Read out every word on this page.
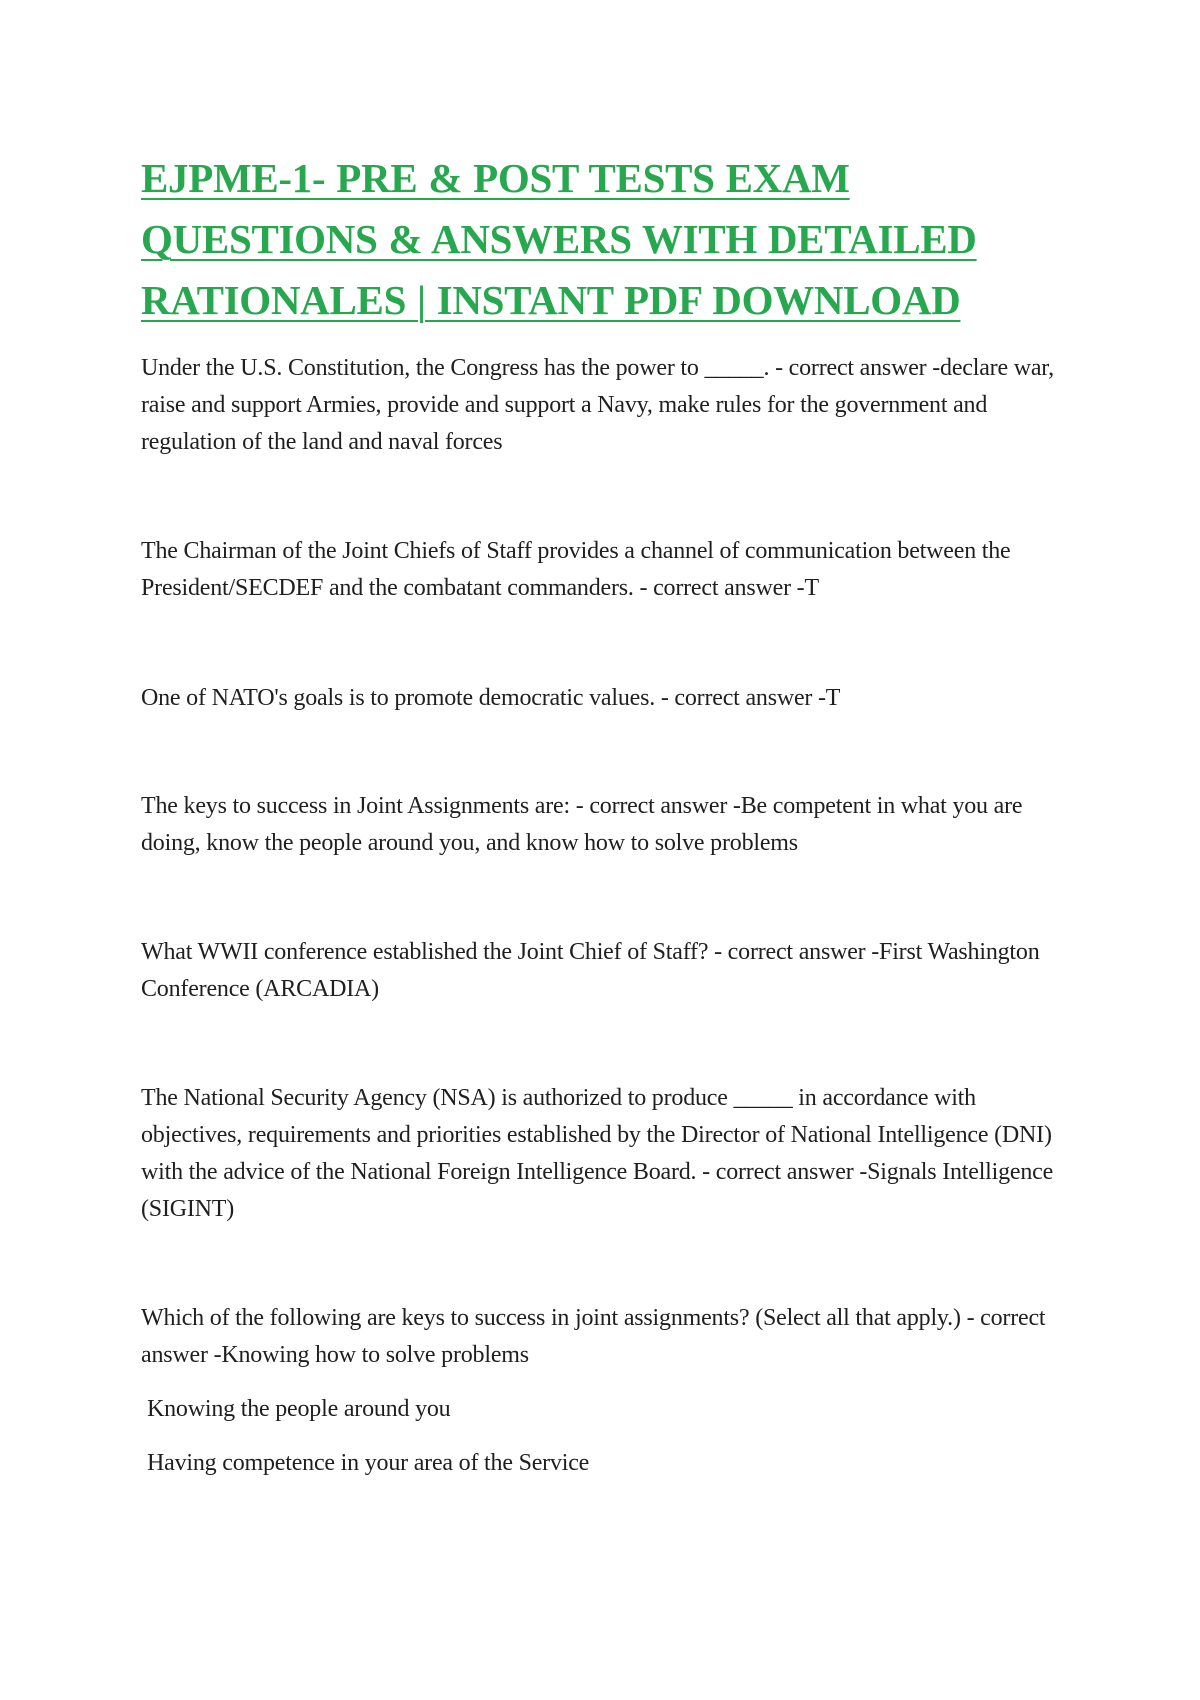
EJPME-1- PRE & POST TESTS EXAM QUESTIONS & ANSWERS WITH DETAILED RATIONALES | INSTANT PDF DOWNLOAD

Under the U.S. Constitution, the Congress has the power to _____. - correct answer -declare war, raise and support Armies, provide and support a Navy, make rules for the government and regulation of the land and naval forces

The Chairman of the Joint Chiefs of Staff provides a channel of communication between the President/SECDEF and the combatant commanders. - correct answer -T

One of NATO's goals is to promote democratic values. - correct answer -T

The keys to success in Joint Assignments are: - correct answer -Be competent in what you are doing, know the people around you, and know how to solve problems

What WWII conference established the Joint Chief of Staff? - correct answer -First Washington Conference (ARCADIA)

The National Security Agency (NSA) is authorized to produce _____ in accordance with objectives, requirements and priorities established by the Director of National Intelligence (DNI) with the advice of the National Foreign Intelligence Board. - correct answer -Signals Intelligence (SIGINT)

Which of the following are keys to success in joint assignments? (Select all that apply.) - correct answer -Knowing how to solve problems

Knowing the people around you

Having competence in your area of the Service
